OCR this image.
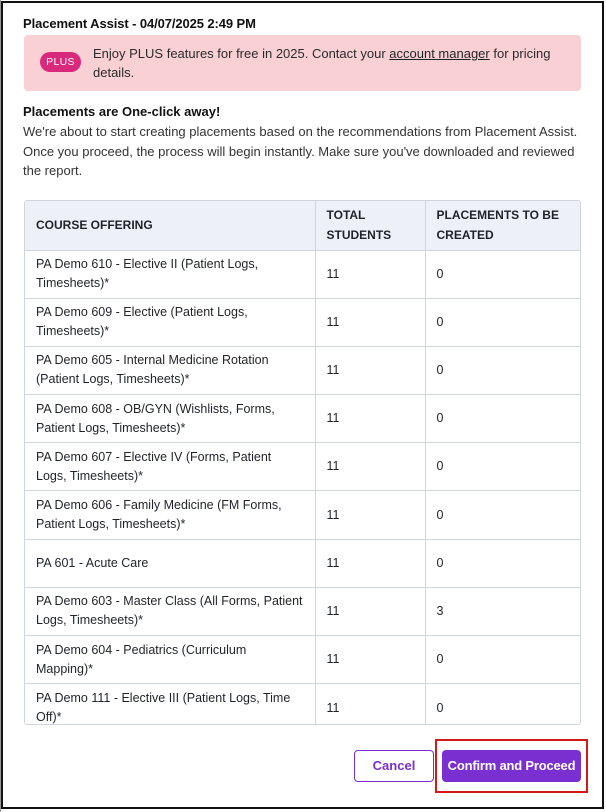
Placement Assist - 04/07/2025 2:49 PM
PLUS
Enjoy PLUS features for free in 2025. Contact your account manager for pricing details.
Placements are One-click away!
We're about to start creating placements based on the recommendations from Placement Assist. Once you proceed, the process will begin instantly. Make sure you've downloaded and reviewed the report.
COURSE OFFERING	TOTAL STUDENTS	PLACEMENTS TO BE CREATED
PA Demo 610 - Elective II (Patient Logs, Timesheets)*	11	0
PA Demo 609 - Elective (Patient Logs, Timesheets)*	11	0
PA Demo 605 - Internal Medicine Rotation (Patient Logs, Timesheets)*	11	0
PA Demo 608 - OB/GYN (Wishlists, Forms, Patient Logs, Timesheets)*	11	0
PA Demo 607 - Elective IV (Forms, Patient Logs, Timesheets)*	11	0
PA Demo 606 - Family Medicine (FM Forms, Patient Logs, Timesheets)*	11	0
PA 601 - Acute Care	11	0
PA Demo 603 - Master Class (All Forms, Patient Logs, Timesheets)*	11	3
PA Demo 604 - Pediatrics (Curriculum Mapping)*	11	0
PA Demo 111 - Elective III (Patient Logs, Time Off)*	11	0
Cancel	Confirm and Proceed
